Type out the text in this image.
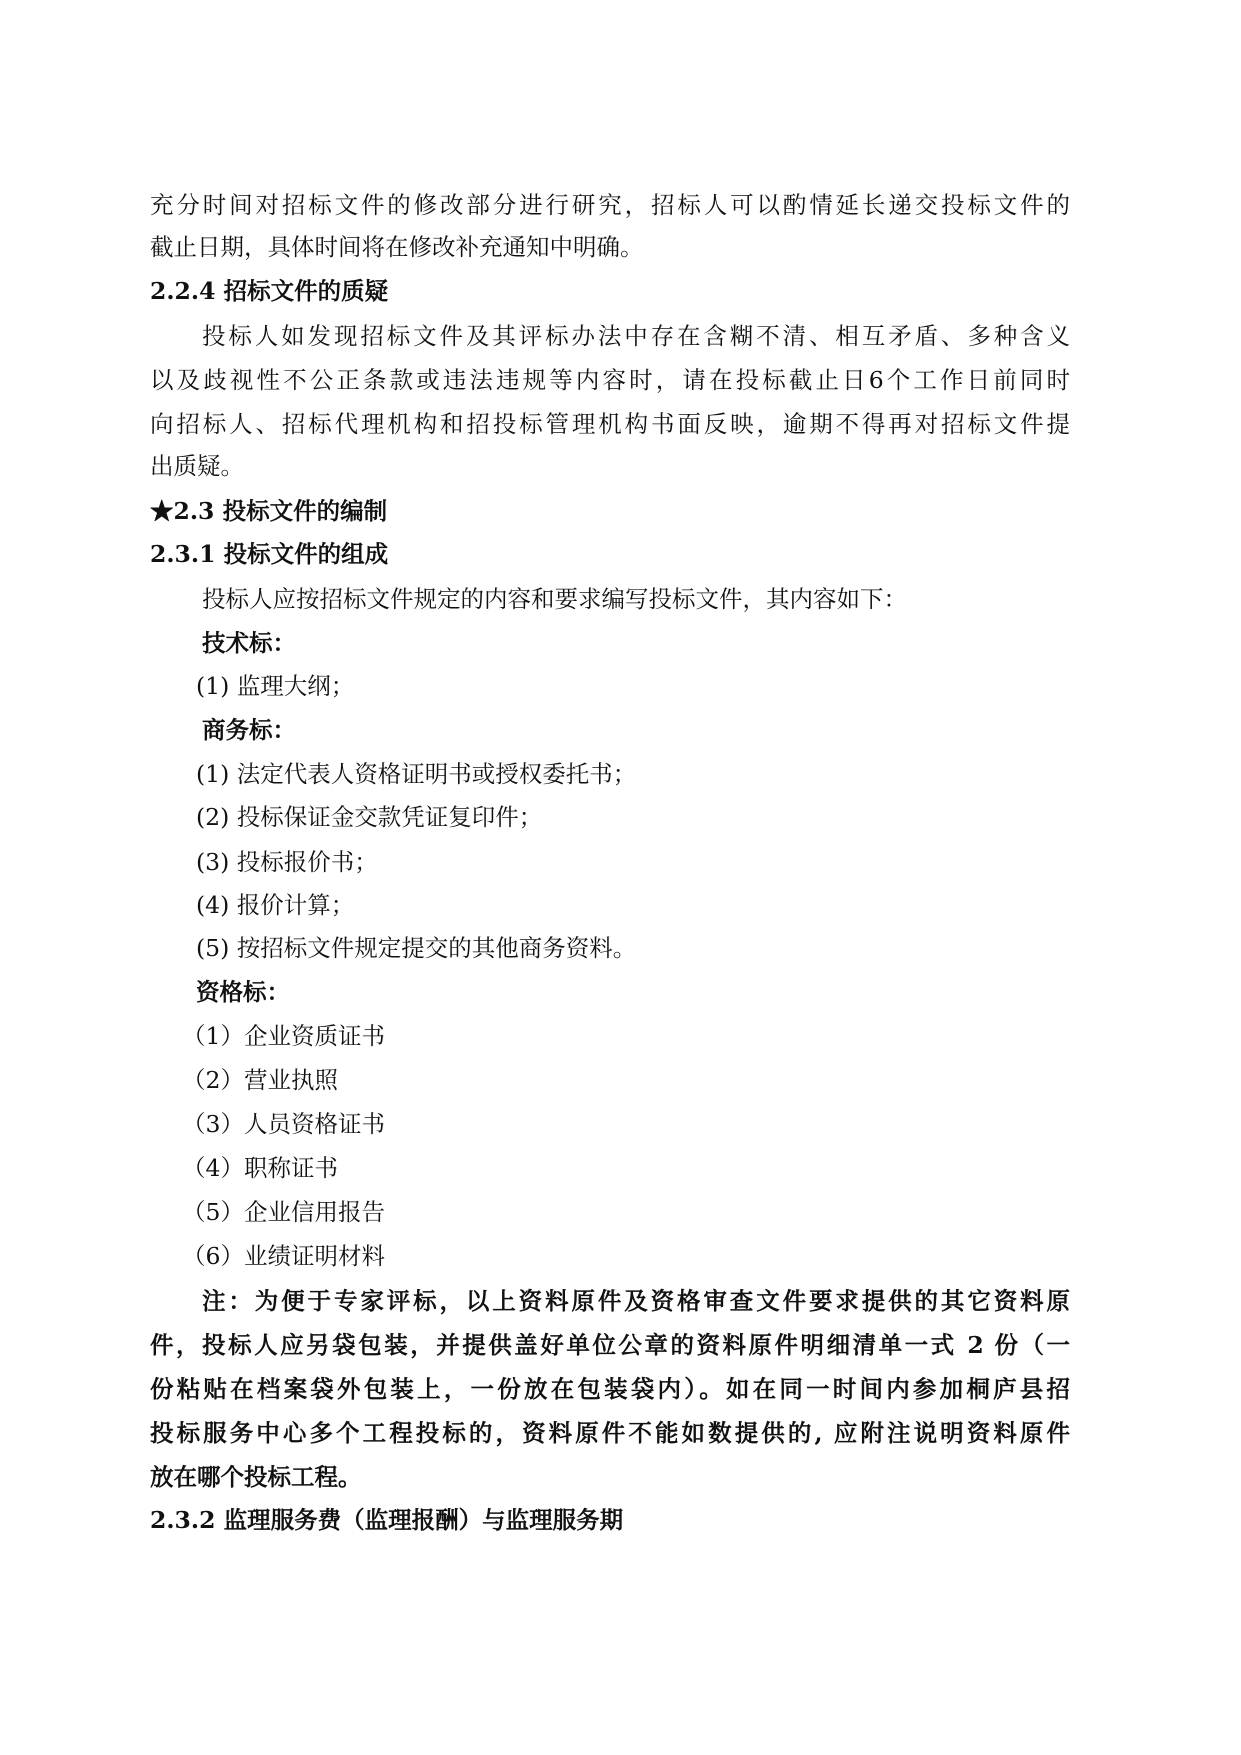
充分时间对招标文件的修改部分进行研究，招标人可以酌情延长递交投标文件的
截止日期，具体时间将在修改补充通知中明确。
2.2.4 招标文件的质疑
投标人如发现招标文件及其评标办法中存在含糊不清、相互矛盾、多种含义
以及歧视性不公正条款或违法违规等内容时，请在投标截止日6个工作日前同时
向招标人、招标代理机构和招投标管理机构书面反映，逾期不得再对招标文件提
出质疑。
★2.3 投标文件的编制
2.3.1 投标文件的组成
投标人应按招标文件规定的内容和要求编写投标文件，其内容如下：
技术标：
(1) 监理大纲；
商务标：
(1) 法定代表人资格证明书或授权委托书；
(2) 投标保证金交款凭证复印件；
(3) 投标报价书；
(4) 报价计算；
(5) 按招标文件规定提交的其他商务资料。
资格标：
（1）企业资质证书
（2）营业执照
（3）人员资格证书
（4）职称证书
（5）企业信用报告
（6）业绩证明材料
注：为便于专家评标，以上资料原件及资格审查文件要求提供的其它资料原
件，投标人应另袋包装，并提供盖好单位公章的资料原件明细清单一式 2 份（一
份粘贴在档案袋外包装上，一份放在包装袋内）。如在同一时间内参加桐庐县招
投标服务中心多个工程投标的，资料原件不能如数提供的, 应附注说明资料原件
放在哪个投标工程。
2.3.2 监理服务费（监理报酬）与监理服务期
